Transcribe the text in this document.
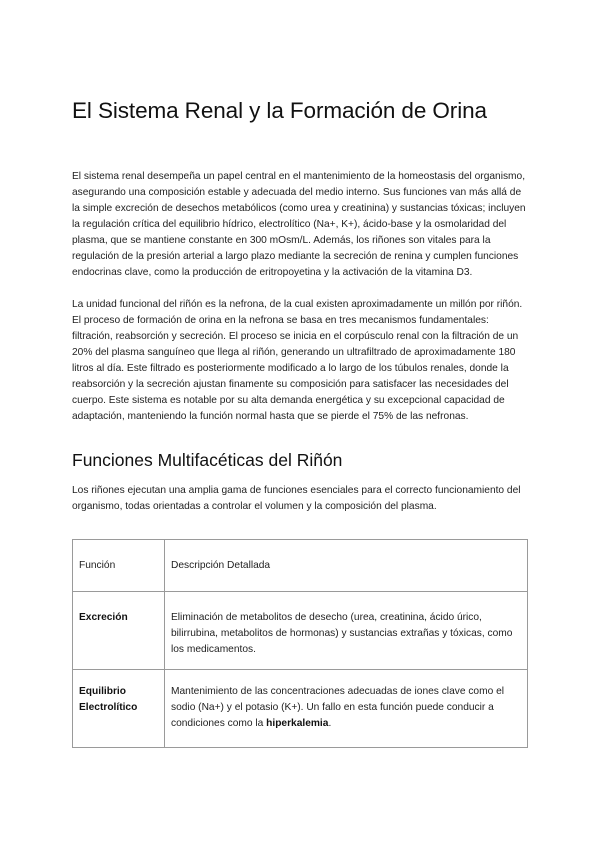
El Sistema Renal y la Formación de Orina

El sistema renal desempeña un papel central en el mantenimiento de la homeostasis del organismo, asegurando una composición estable y adecuada del medio interno. Sus funciones van más allá de la simple excreción de desechos metabólicos (como urea y creatinina) y sustancias tóxicas; incluyen la regulación crítica del equilibrio hídrico, electrolítico (Na+, K+), ácido-base y la osmolaridad del plasma, que se mantiene constante en 300 mOsm/L. Además, los riñones son vitales para la regulación de la presión arterial a largo plazo mediante la secreción de renina y cumplen funciones endocrinas clave, como la producción de eritropoyetina y la activación de la vitamina D3.

La unidad funcional del riñón es la nefrona, de la cual existen aproximadamente un millón por riñón. El proceso de formación de orina en la nefrona se basa en tres mecanismos fundamentales: filtración, reabsorción y secreción. El proceso se inicia en el corpúsculo renal con la filtración de un 20% del plasma sanguíneo que llega al riñón, generando un ultrafiltrado de aproximadamente 180 litros al día. Este filtrado es posteriormente modificado a lo largo de los túbulos renales, donde la reabsorción y la secreción ajustan finamente su composición para satisfacer las necesidades del cuerpo. Este sistema es notable por su alta demanda energética y su excepcional capacidad de adaptación, manteniendo la función normal hasta que se pierde el 75% de las nefronas.

Funciones Multifacéticas del Riñón

Los riñones ejecutan una amplia gama de funciones esenciales para el correcto funcionamiento del organismo, todas orientadas a controlar el volumen y la composición del plasma.

Función	Descripción Detallada
Excreción	Eliminación de metabolitos de desecho (urea, creatinina, ácido úrico, bilirrubina, metabolitos de hormonas) y sustancias extrañas y tóxicas, como los medicamentos.
Equilibrio Electrolítico	Mantenimiento de las concentraciones adecuadas de iones clave como el sodio (Na+) y el potasio (K+). Un fallo en esta función puede conducir a condiciones como la hiperkalemia.
